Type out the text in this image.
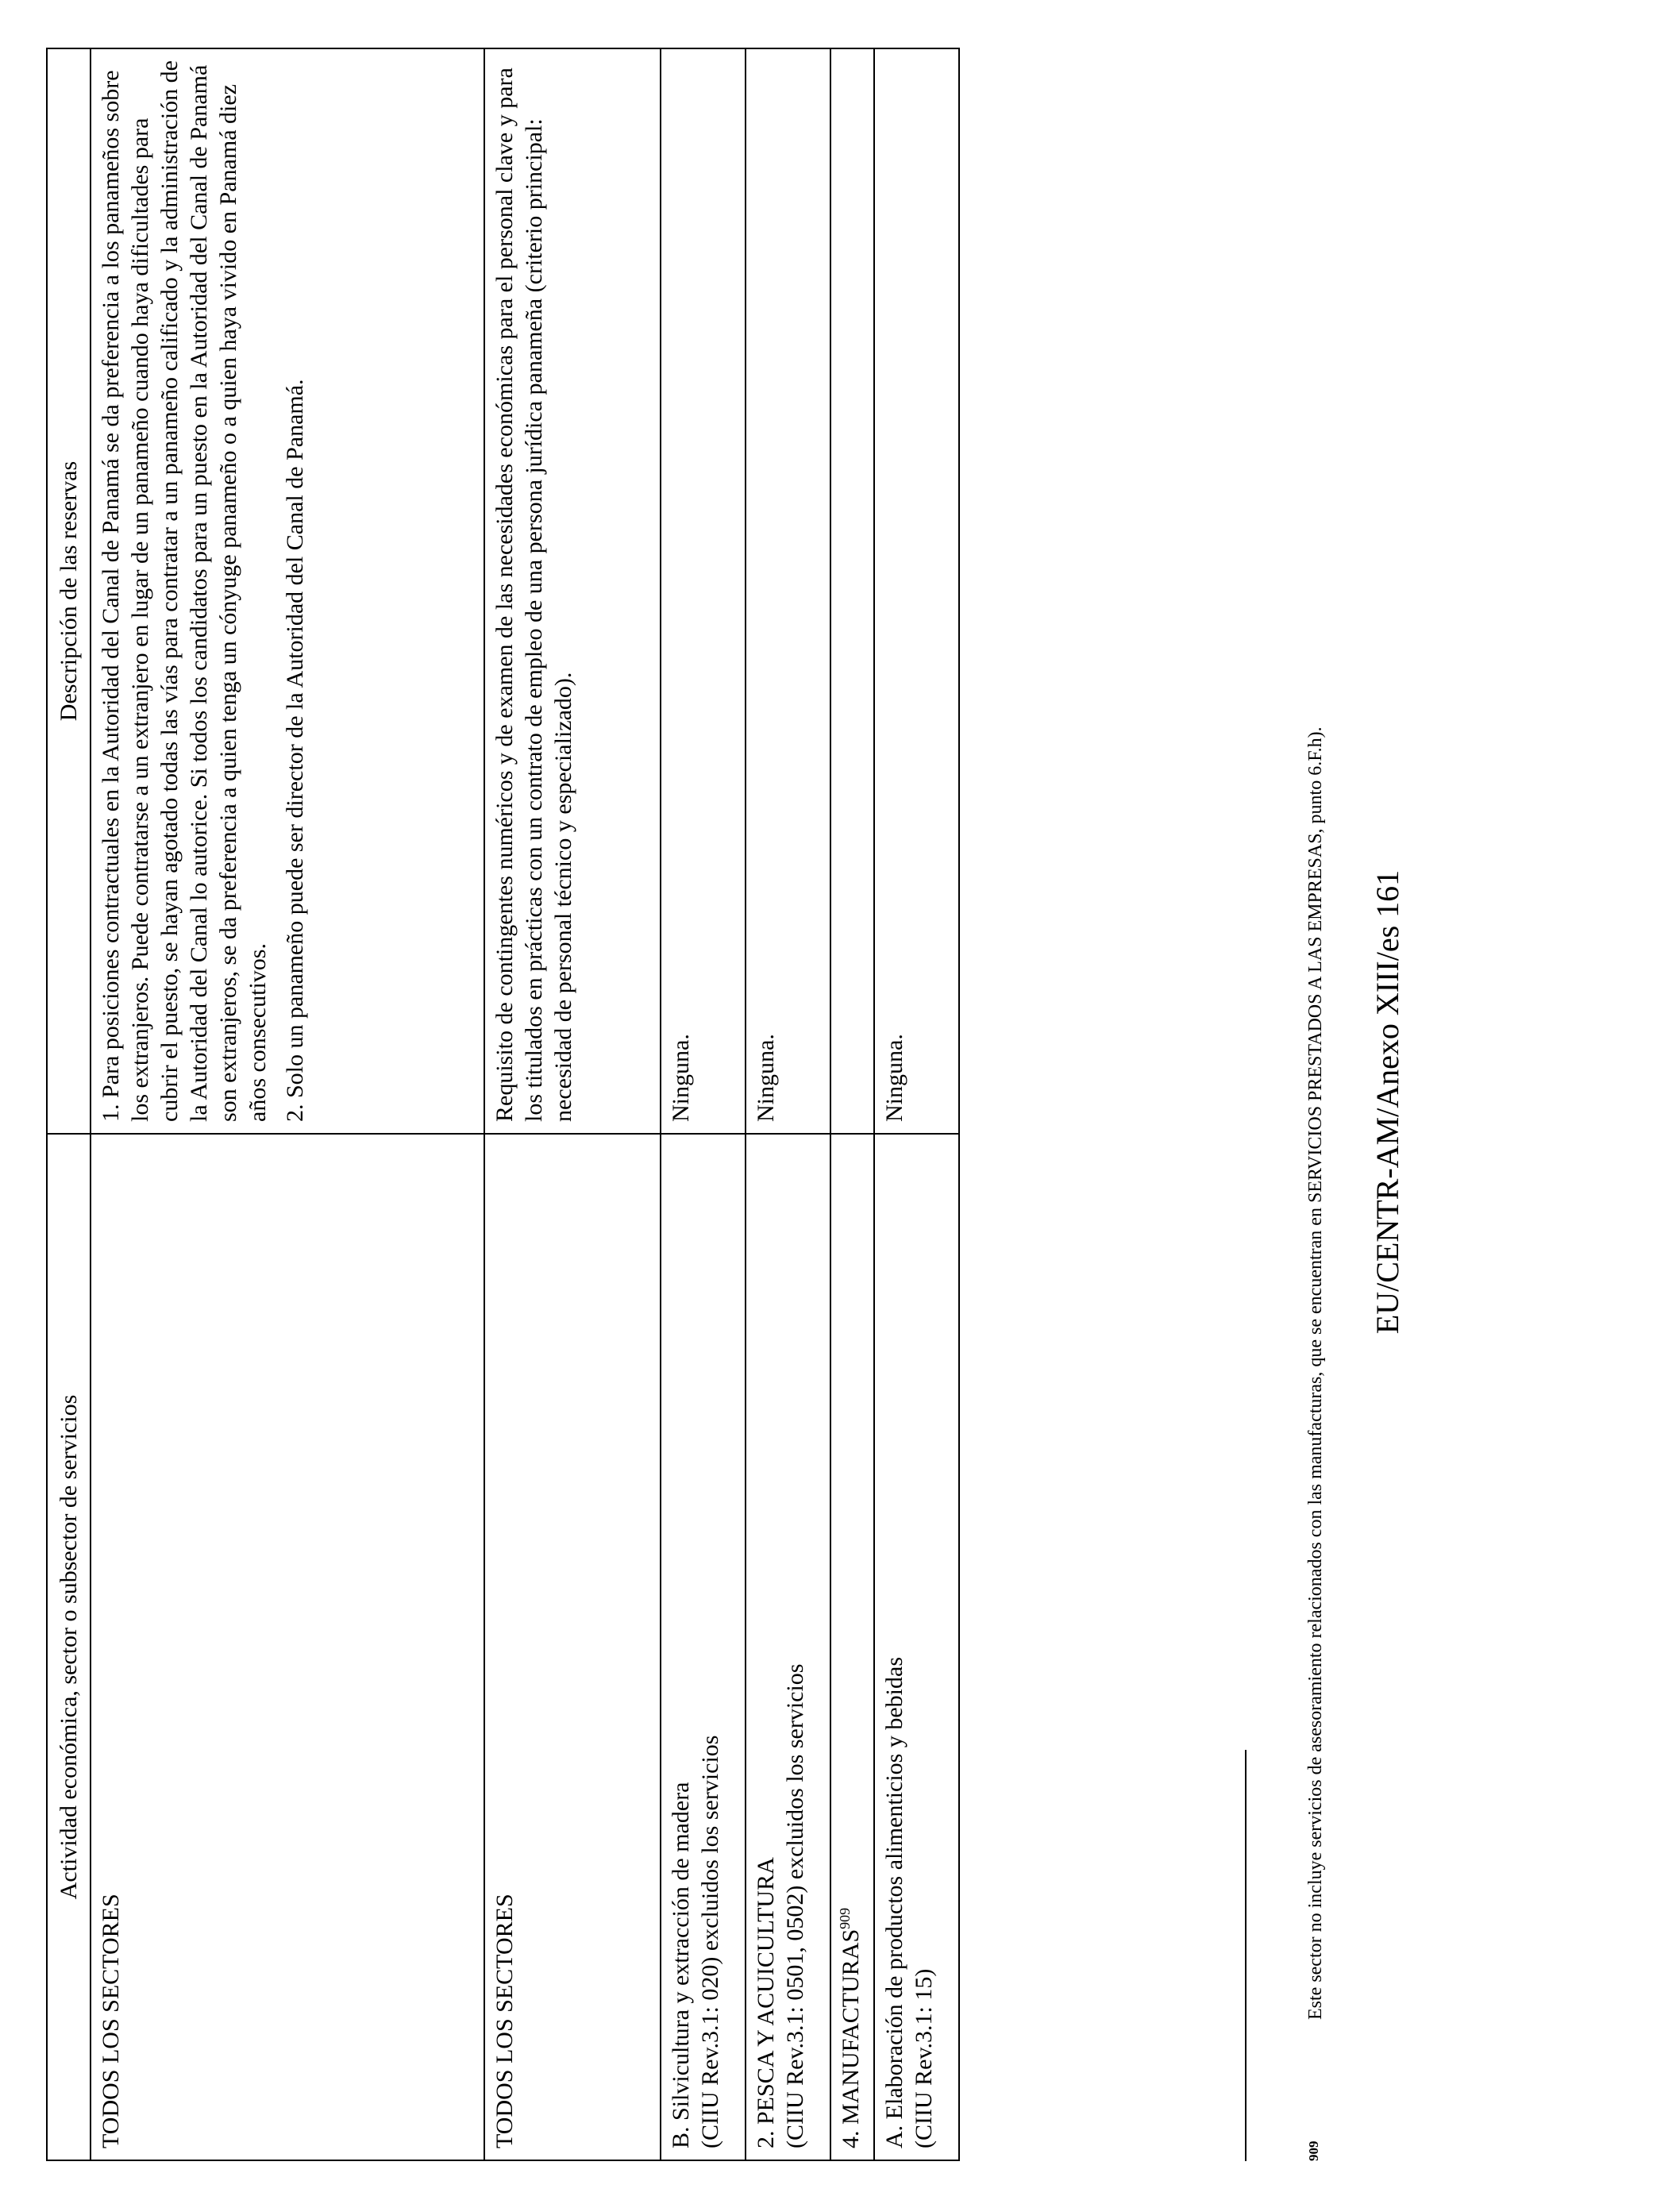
Actividad económica, sector o subsector de servicios	Descripción de las reservas

TODOS LOS SECTORES	1. Para posiciones contractuales en la Autoridad del Canal de Panamá se da preferencia a los panameños sobre los extranjeros. Puede contratarse a un extranjero en lugar de un panameño cuando haya dificultades para cubrir el puesto, se hayan agotado todas las vías para contratar a un panameño calificado y la administración de la Autoridad del Canal lo autorice. Si todos los candidatos para un puesto en la Autoridad del Canal de Panamá son extranjeros, se da preferencia a quien tenga un cónyuge panameño o a quien haya vivido en Panamá diez años consecutivos. 2. Solo un panameño puede ser director de la Autoridad del Canal de Panamá.

TODOS LOS SECTORES	Requisito de contingentes numéricos y de examen de las necesidades económicas para el personal clave y para los titulados en prácticas con un contrato de empleo de una persona jurídica panameña (criterio principal: necesidad de personal técnico y especializado).

B. Silvicultura y extracción de madera (CIIU Rev.3.1: 020) excluidos los servicios	Ninguna.

2. PESCA Y ACUICULTURA (CIIU Rev.3.1: 0501, 0502) excluidos los servicios	Ninguna.

4. MANUFACTURAS$^{909}$	

A. Elaboración de productos alimenticios y bebidas (CIIU Rev.3.1: 15)	Ninguna.
909Este sector no incluye servicios de asesoramiento relacionados con las manufacturas, que se encuentran en SERVICIOS PRESTADOS A LAS EMPRESAS, punto 6.F.h). EU/CENTR-AM/Anexo XIII/es 161
